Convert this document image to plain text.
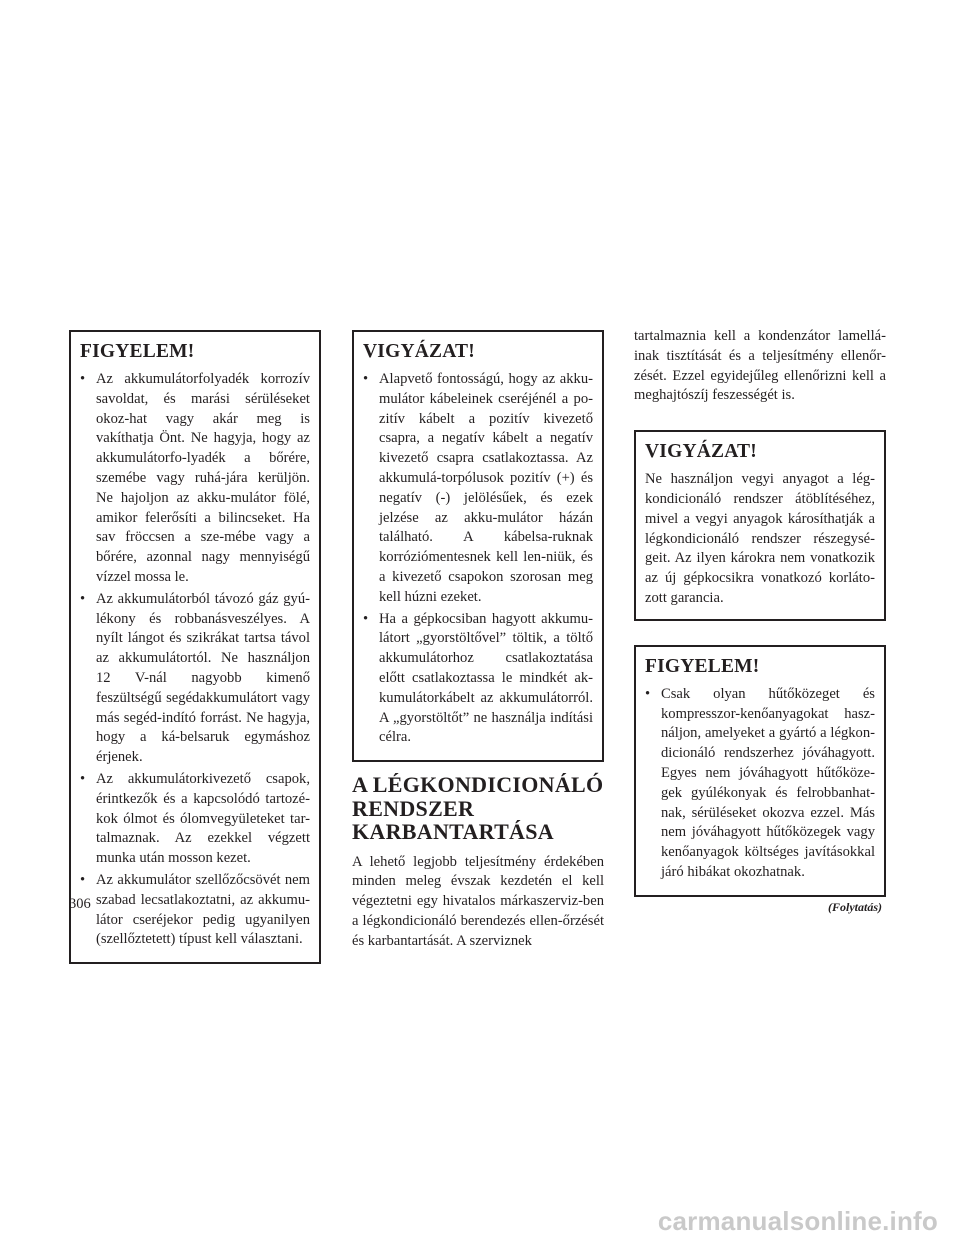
FIGYELEM!
• Az akkumulátorfolyadék korrozív savoldat, és marási sérüléseket okoz-hat vagy akár meg is vakíthatja Önt. Ne hagyja, hogy az akkumulátorfo-lyadék a bőrére, szemébe vagy ruhá-jára kerüljön. Ne hajoljon az akku-mulátor fölé, amikor felerősíti a bilincseket. Ha sav fröccsen a sze-mébe vagy a bőrére, azonnal nagy mennyiségű vízzel mossa le.
• Az akkumulátorból távozó gáz gyú-lékony és robbanásveszélyes. A nyílt lángot és szikrákat tartsa távol az akkumulátortól. Ne használjon 12 V-nál nagyobb kimenő feszültségű segédakkumulátort vagy más segéd-indító forrást. Ne hagyja, hogy a ká-belsaruk egymáshoz érjenek.
• Az akkumulátorkivezető csapok, érintkezők és a kapcsolódó tartozé-kok ólmot és ólomvegyületeket tar-talmaznak. Az ezekkel végzett munka után mosson kezet.
• Az akkumulátor szellőzőcsövét nem szabad lecsatlakoztatni, az akkumu-látor cseréjekor pedig ugyanilyen (szellőztetett) típust kell választani.
VIGYÁZAT!
• Alapvető fontosságú, hogy az akku-mulátor kábeleinek cseréjénél a po-zitív kábelt a pozitív kivezető csapra, a negatív kábelt a negatív kivezető csapra csatlakoztassa. Az akkumulá-torpólusok pozitív (+) és negatív (-) jelölésűek, és ezek jelzése az akku-mulátor házán található. A kábelsa-ruknak korróziómentesnek kell len-niük, és a kivezető csapokon szorosan meg kell húzni ezeket.
• Ha a gépkocsiban hagyott akkumu-látort „gyorstöltővel” töltik, a töltő akkumulátorhoz csatlakoztatása előtt csatlakoztassa le mindkét ak-kumulátorkábelt az akkumulátorról. A „gyorstöltőt” ne használja indítási célra.
A LÉGKONDICIONÁLÓ
RENDSZER
KARBANTARTÁSA

A lehető legjobb teljesítmény érdekében minden meleg évszak kezdetén el kell végeztetni egy hivatalos márkaszerviz-ben a légkondicionáló berendezés ellen-őrzését és karbantartását. A szerviznek

tartalmaznia kell a kondenzátor lamellá-inak tisztítását és a teljesítmény ellenőr-zését. Ezzel egyidejűleg ellenőrizni kell a meghajtószíj feszességét is.

VIGYÁZAT!

Ne használjon vegyi anyagot a lég-kondicionáló rendszer átöblítéséhez, mivel a vegyi anyagok károsíthatják a légkondicionáló rendszer részegysé-geit. Az ilyen károkra nem vonatkozik az új gépkocsikra vonatkozó korláto-zott garancia.

FIGYELEM!
• Csak olyan hűtőközeget és kompresszor-kenőanyagokat hasz-náljon, amelyeket a gyártó a légkon-dicionáló rendszerhez jóváhagyott. Egyes nem jóváhagyott hűtőköze-gek gyúlékonyak és felrobbanhat-nak, sérüléseket okozva ezzel. Más nem jóváhagyott hűtőközegek vagy kenőanyagok költséges javításokkal járó hibákat okozhatnak.
(Folytatás)
306
carmanualsonline.info
